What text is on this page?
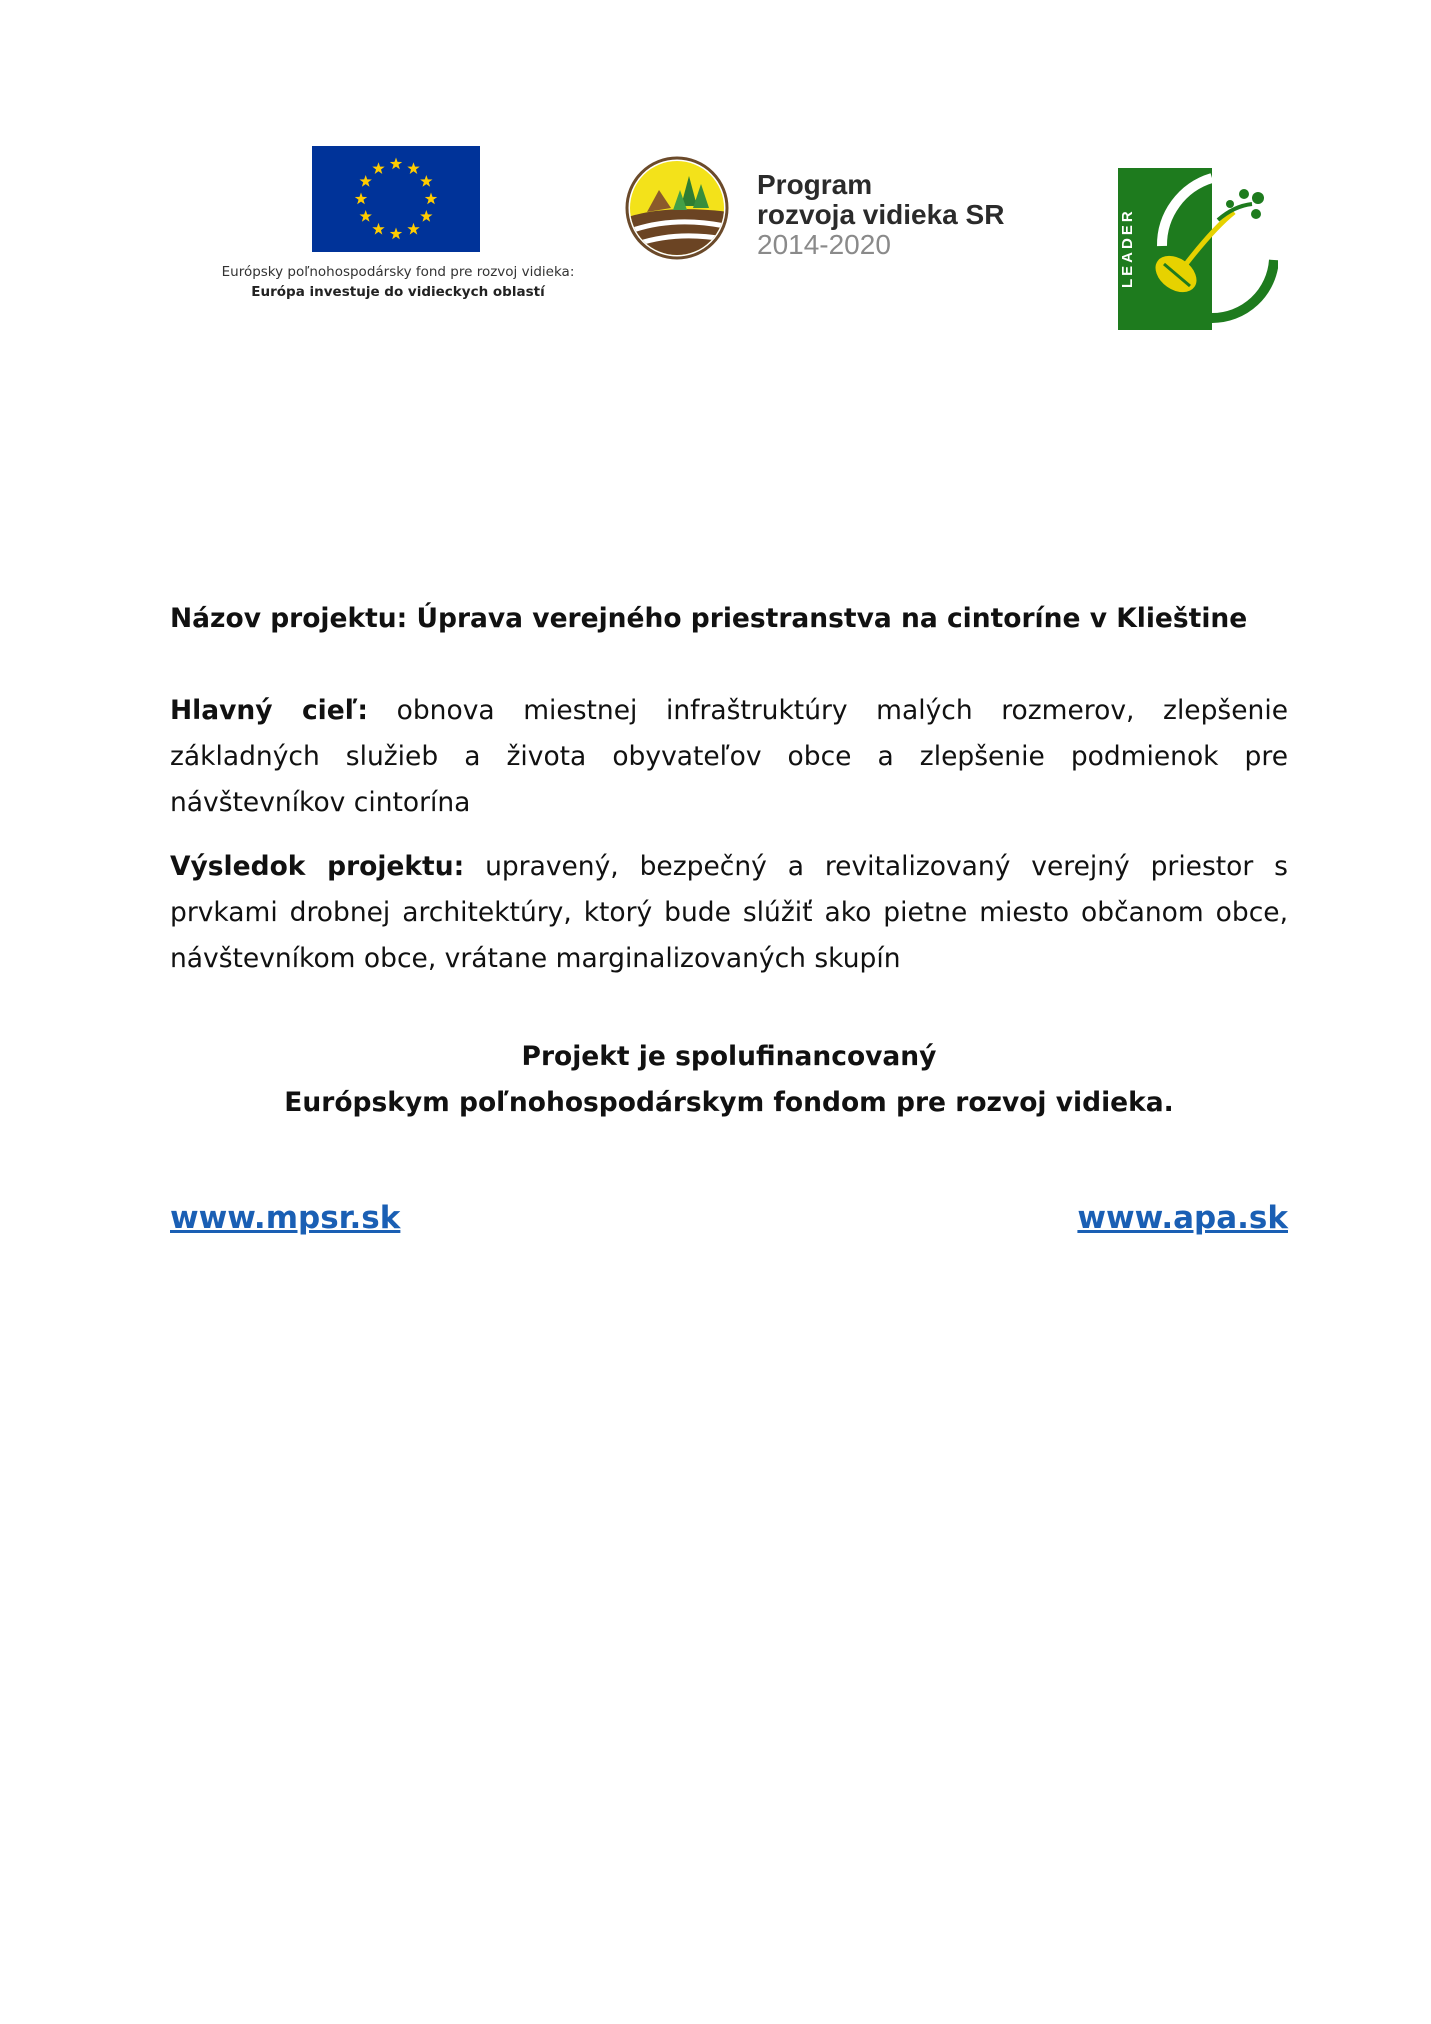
Európsky poľnohospodársky fond pre rozvoj vidieka:
Európa investuje do vidieckych oblastí
Program
rozvoja vidieka SR
2014-2020	LEADER

Názov projektu: Úprava verejného priestranstva na cintoríne v Klieštine

Hlavný cieľ: obnova miestnej infraštruktúry malých rozmerov, zlepšenie základných služieb a života obyvateľov obce a zlepšenie podmienok pre návštevníkov cintorína

Výsledok projektu: upravený, bezpečný a revitalizovaný verejný priestor s prvkami drobnej architektúry, ktorý bude slúžiť ako pietne miesto občanom obce, návštevníkom obce, vrátane marginalizovaných skupín

Projekt je spolufinancovaný
Európskym poľnohospodárskym fondom pre rozvoj vidieka.
www.mpsr.sk	www.apa.sk
